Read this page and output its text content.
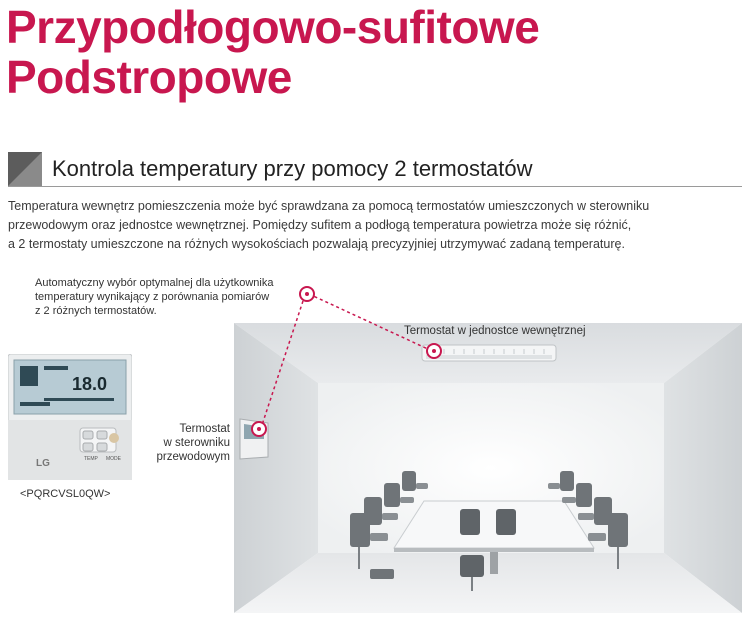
Przypodłogowo-sufitowe
Podstropowe
Kontrola temperatury przy pomocy 2 termostatów
Temperatura wewnętrz pomieszczenia może być sprawdzana za pomocą termostatów umieszczonych w sterowniku
przewodowym oraz jednostce wewnętrznej. Pomiędzy sufitem a podłogą temperatura powietrza może się różnić,
a 2 termostaty umieszczone na różnych wysokościach pozwalają precyzyjniej utrzymywać zadaną temperaturę.
Automatyczny wybór optymalnej dla użytkownika
temperatury wynikający z porównania pomiarów
z 2 różnych termostatów.
18.0
TEMP MODE
LG
<PQRCVSL0QW>
Termostat w jednostce wewnętrznej
Termostat
w sterowniku
przewodowym
